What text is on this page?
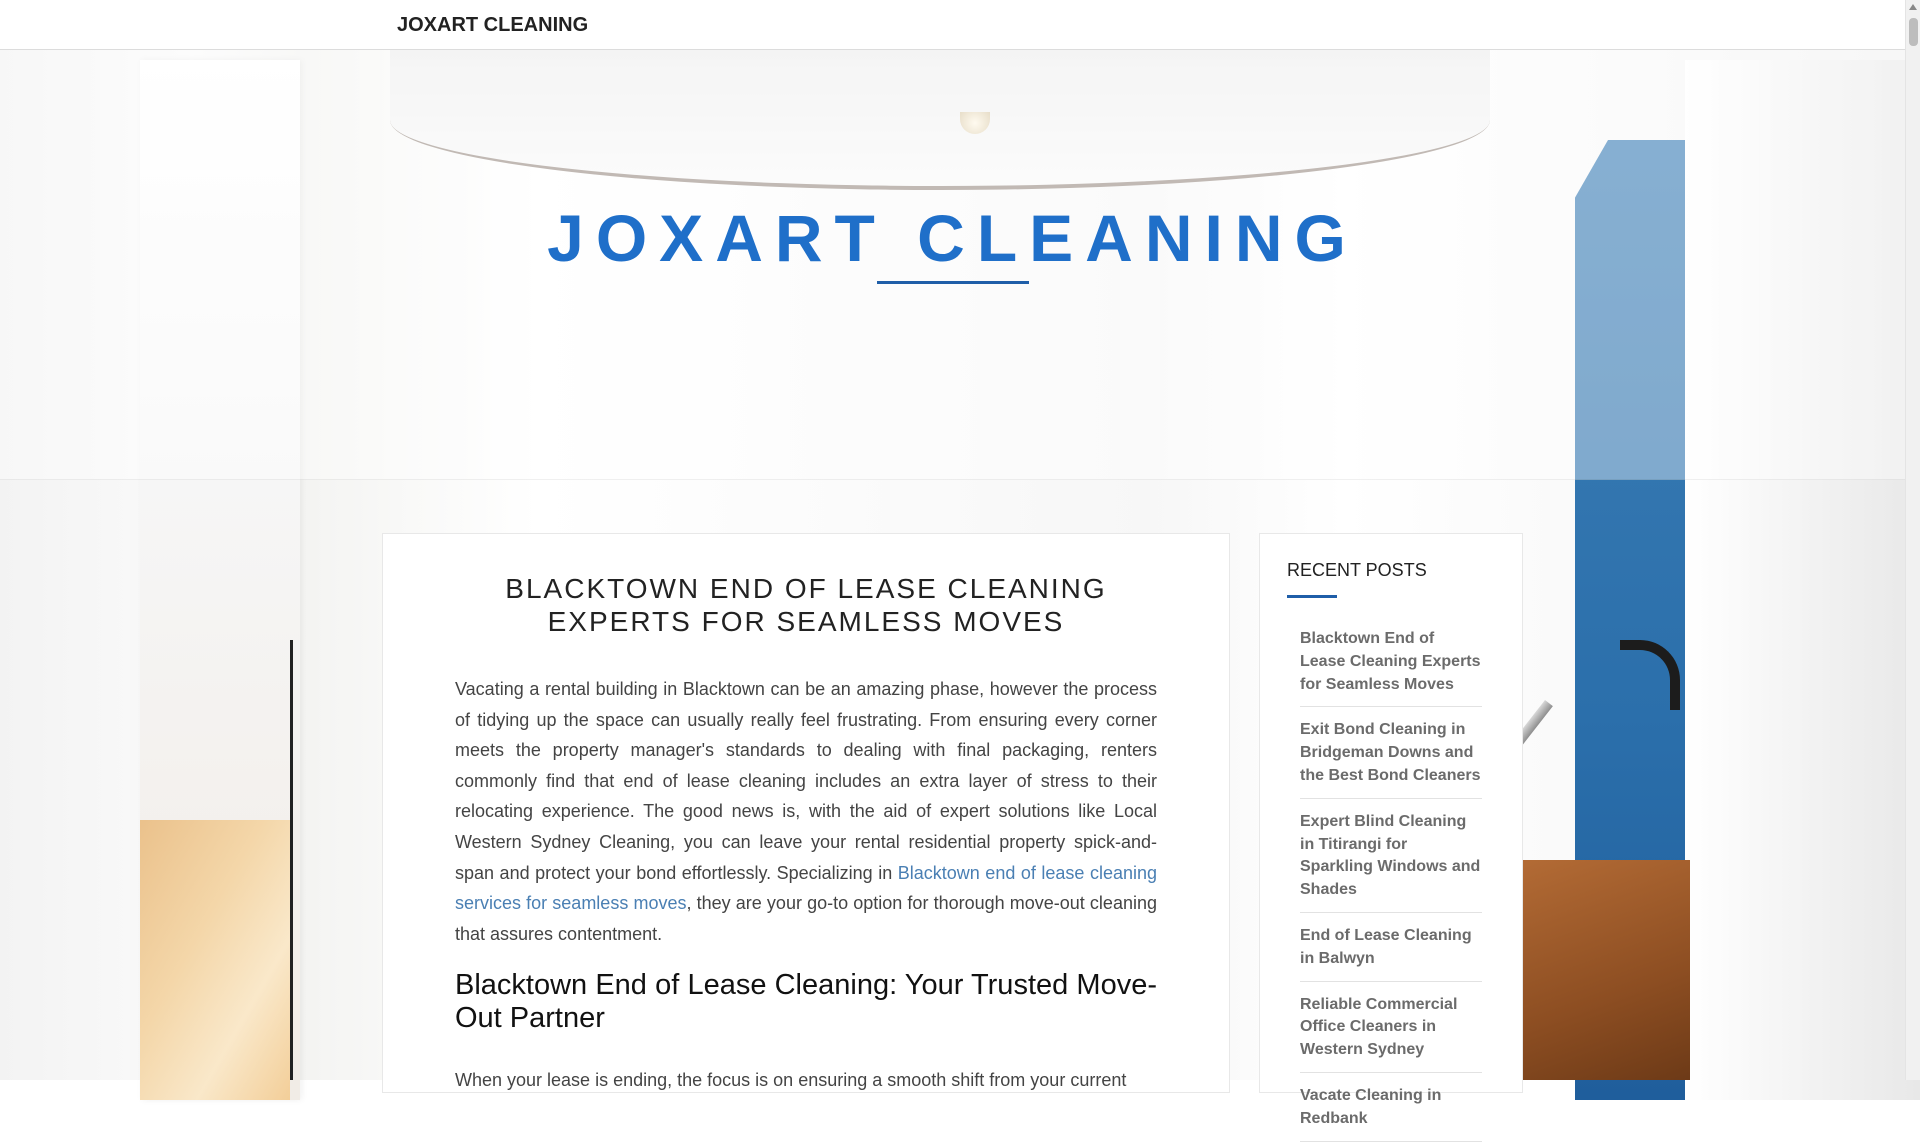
JOXART CLEANING
JOXART CLEANING
BLACKTOWN END OF LEASE CLEANING EXPERTS FOR SEAMLESS MOVES

Vacating a rental building in Blacktown can be an amazing phase, however the process of tidying up the space can usually really feel frustrating. From ensuring every corner meets the property manager's standards to dealing with final packaging, renters commonly find that end of lease cleaning includes an extra layer of stress to their relocating experience. The good news is, with the aid of expert solutions like Local Western Sydney Cleaning, you can leave your rental residential property spick-and-span and protect your bond effortlessly. Specializing in Blacktown end of lease cleaning services for seamless moves, they are your go-to option for thorough move-out cleaning that assures contentment.

Blacktown End of Lease Cleaning: Your Trusted Move-Out Partner

When your lease is ending, the focus is on ensuring a smooth shift from your current

RECENT POSTS
Blacktown End of Lease Cleaning Experts for Seamless Moves
Exit Bond Cleaning in Bridgeman Downs and the Best Bond Cleaners
Expert Blind Cleaning in Titirangi for Sparkling Windows and Shades
End of Lease Cleaning in Balwyn
Reliable Commercial Office Cleaners in Western Sydney
Vacate Cleaning in Redbank
